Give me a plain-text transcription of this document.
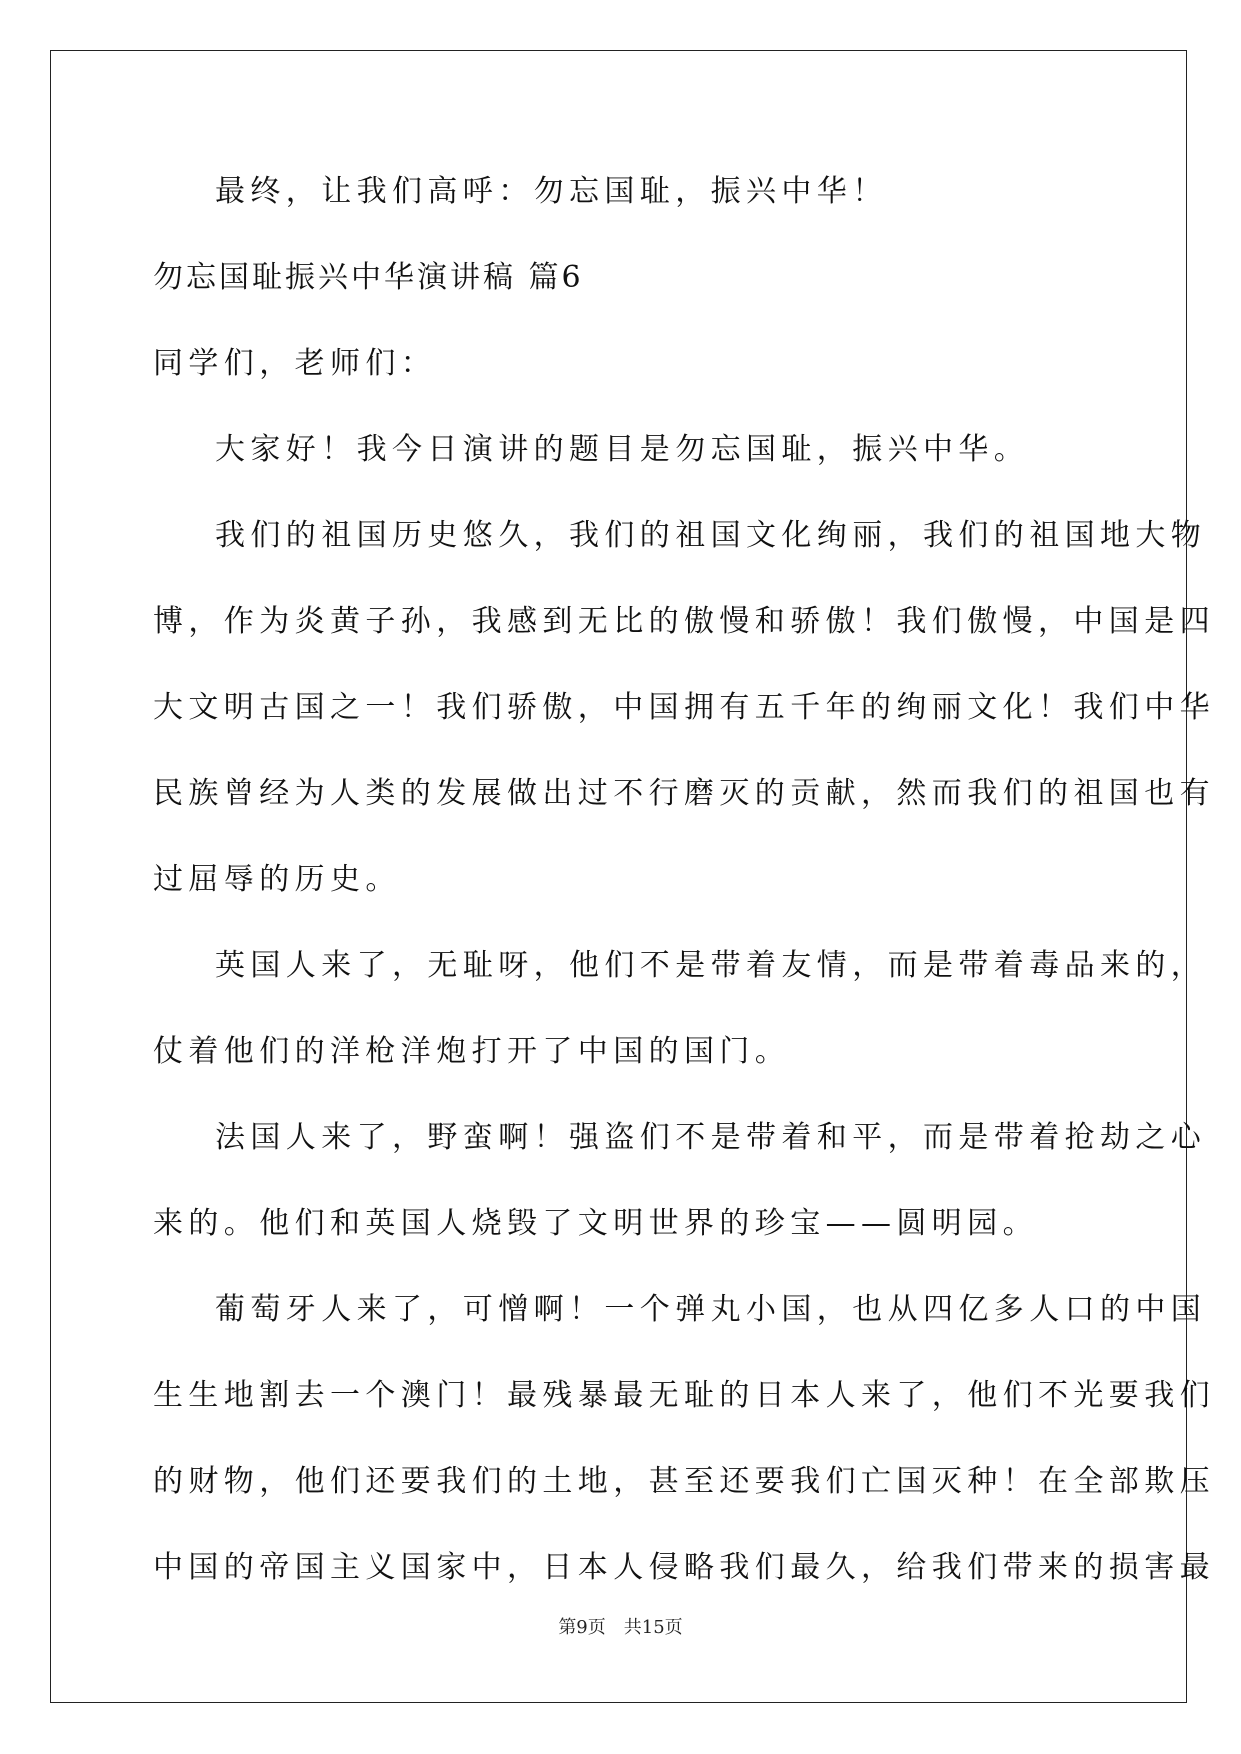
最终，让我们高呼：勿忘国耻，振兴中华！
勿忘国耻振兴中华演讲稿 篇6
同学们，老师们：
大家好！我今日演讲的题目是勿忘国耻，振兴中华。
我们的祖国历史悠久，我们的祖国文化绚丽，我们的祖国地大物
博，作为炎黄子孙，我感到无比的傲慢和骄傲！我们傲慢，中国是四
大文明古国之一！我们骄傲，中国拥有五千年的绚丽文化！我们中华
民族曾经为人类的发展做出过不行磨灭的贡献，然而我们的祖国也有
过屈辱的历史。
英国人来了，无耻呀，他们不是带着友情，而是带着毒品来的，
仗着他们的洋枪洋炮打开了中国的国门。
法国人来了，野蛮啊！强盗们不是带着和平，而是带着抢劫之心
来的。他们和英国人烧毁了文明世界的珍宝——圆明园。
葡萄牙人来了，可憎啊！一个弹丸小国，也从四亿多人口的中国
生生地割去一个澳门！最残暴最无耻的日本人来了，他们不光要我们
第9页 共15页
的财物，他们还要我们的土地，甚至还要我们亡国灭种！在全部欺压
中国的帝国主义国家中，日本人侵略我们最久，给我们带来的损害最
